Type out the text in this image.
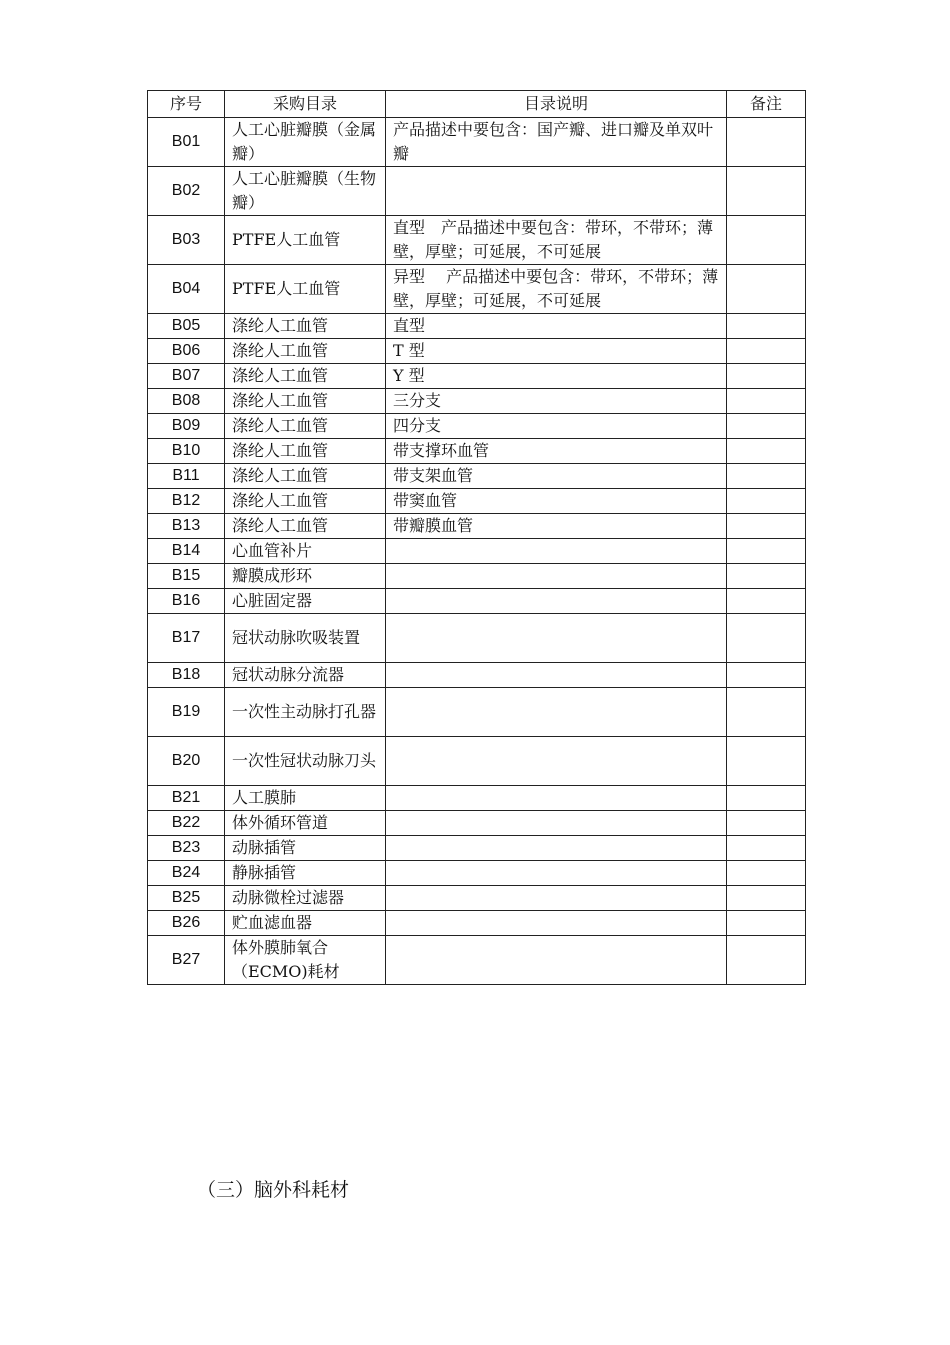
序号	采购目录	目录说明	备注
B01	人工心脏瓣膜（金属瓣）	产品描述中要包含：国产瓣、进口瓣及单双叶瓣	
B02	人工心脏瓣膜（生物瓣）		
B03	PTFE人工血管	直型　产品描述中要包含：带环，不带环；薄壁，厚壁；可延展，不可延展	
B04	PTFE人工血管	异型　 产品描述中要包含：带环，不带环；薄壁，厚壁；可延展，不可延展	
B05	涤纶人工血管	直型	
B06	涤纶人工血管	T 型	
B07	涤纶人工血管	Y 型	
B08	涤纶人工血管	三分支	
B09	涤纶人工血管	四分支	
B10	涤纶人工血管	带支撑环血管	
B11	涤纶人工血管	带支架血管	
B12	涤纶人工血管	带窦血管	
B13	涤纶人工血管	带瓣膜血管	
B14	心血管补片		
B15	瓣膜成形环		
B16	心脏固定器		
B17	冠状动脉吹吸装置		
B18	冠状动脉分流器		
B19	一次性主动脉打孔器		
B20	一次性冠状动脉刀头		
B21	人工膜肺		
B22	体外循环管道		
B23	动脉插管		
B24	静脉插管		
B25	动脉微栓过滤器		
B26	贮血滤血器		
B27	体外膜肺氧合（ECMO)耗材		
（三）脑外科耗材
